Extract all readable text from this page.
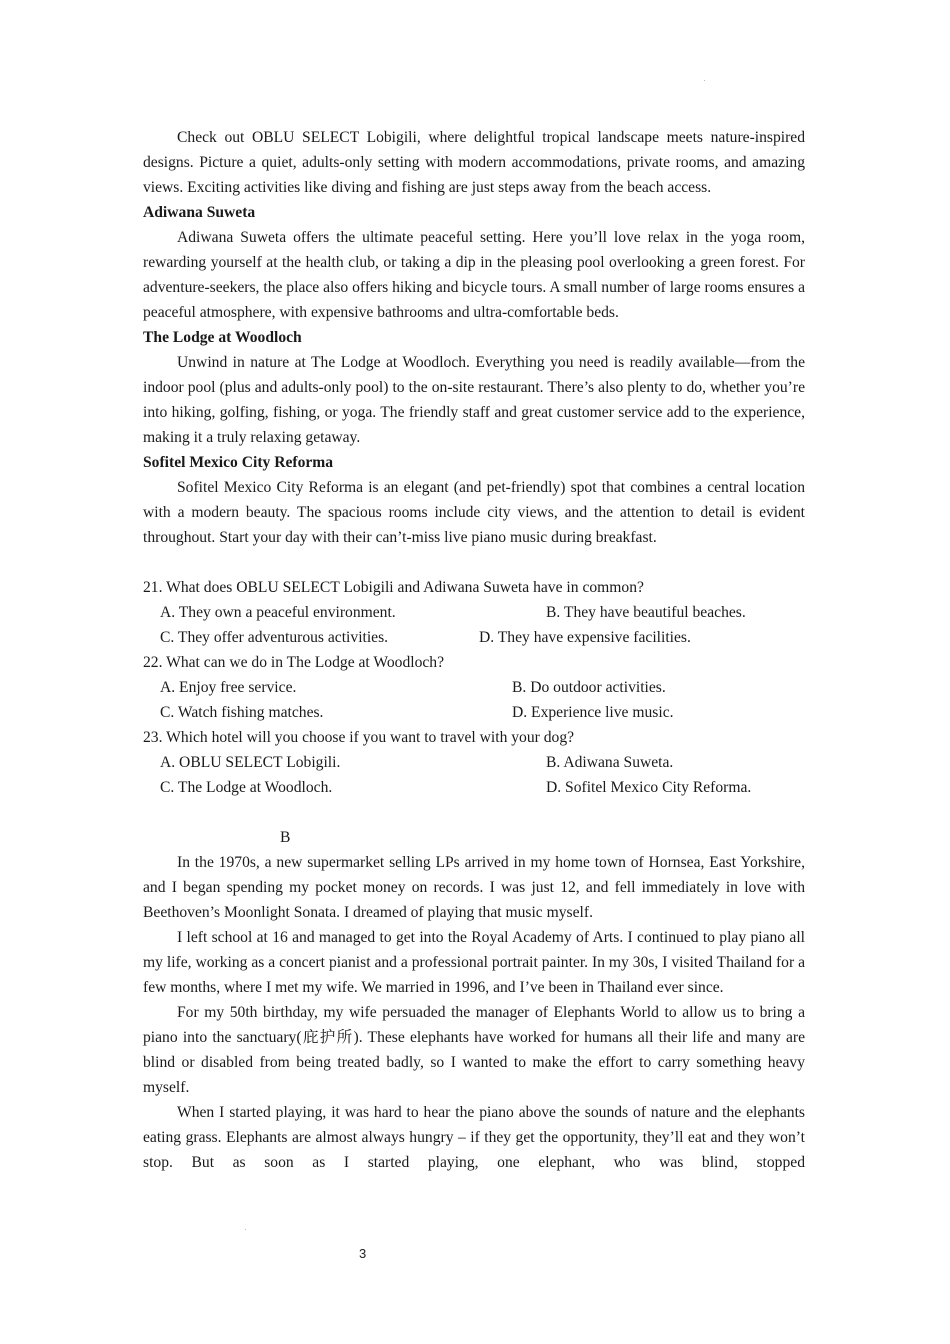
Check out OBLU SELECT Lobigili, where delightful tropical landscape meets nature-inspired designs. Picture a quiet, adults-only setting with modern accommodations, private rooms, and amazing views. Exciting activities like diving and fishing are just steps away from the beach access.

Adiwana Suweta

Adiwana Suweta offers the ultimate peaceful setting. Here you’ll love relax in the yoga room, rewarding yourself at the health club, or taking a dip in the pleasing pool overlooking a green forest. For adventure-seekers, the place also offers hiking and bicycle tours. A small number of large rooms ensures a peaceful atmosphere, with expensive bathrooms and ultra-comfortable beds.

The Lodge at Woodloch

Unwind in nature at The Lodge at Woodloch. Everything you need is readily available—from the indoor pool (plus and adults-only pool) to the on-site restaurant. There’s also plenty to do, whether you’re into hiking, golfing, fishing, or yoga. The friendly staff and great customer service add to the experience, making it a truly relaxing getaway.

Sofitel Mexico City Reforma

Sofitel Mexico City Reforma is an elegant (and pet-friendly) spot that combines a central location with a modern beauty. The spacious rooms include city views, and the attention to detail is evident throughout. Start your day with their can’t-miss live piano music during breakfast.

21. What does OBLU SELECT Lobigili and Adiwana Suweta have in common?

A. They own a peaceful environment.	B. They have beautiful beaches.
C. They offer adventurous activities.	D. They have expensive facilities.

22. What can we do in The Lodge at Woodloch?

A. Enjoy free service.	B. Do outdoor activities.
C. Watch fishing matches.	D. Experience live music.

23. Which hotel will you choose if you want to travel with your dog?

A. OBLU SELECT Lobigili.	B. Adiwana Suweta.
C. The Lodge at Woodloch.	D. Sofitel Mexico City Reforma.

B

In the 1970s, a new supermarket selling LPs arrived in my home town of Hornsea, East Yorkshire, and I began spending my pocket money on records. I was just 12, and fell immediately in love with Beethoven’s Moonlight Sonata. I dreamed of playing that music myself.

I left school at 16 and managed to get into the Royal Academy of Arts. I continued to play piano all my life, working as a concert pianist and a professional portrait painter. In my 30s, I visited Thailand for a few months, where I met my wife. We married in 1996, and I’ve been in Thailand ever since.

For my 50th birthday, my wife persuaded the manager of Elephants World to allow us to bring a piano into the sanctuary(庇护所). These elephants have worked for humans all their life and many are blind or disabled from being treated badly, so I wanted to make the effort to carry something heavy myself.

When I started playing, it was hard to hear the piano above the sounds of nature and the elephants eating grass. Elephants are almost always hungry – if they get the opportunity, they’ll eat and they won’t stop. But as soon as I started playing, one elephant, who was blind, stopped

3
